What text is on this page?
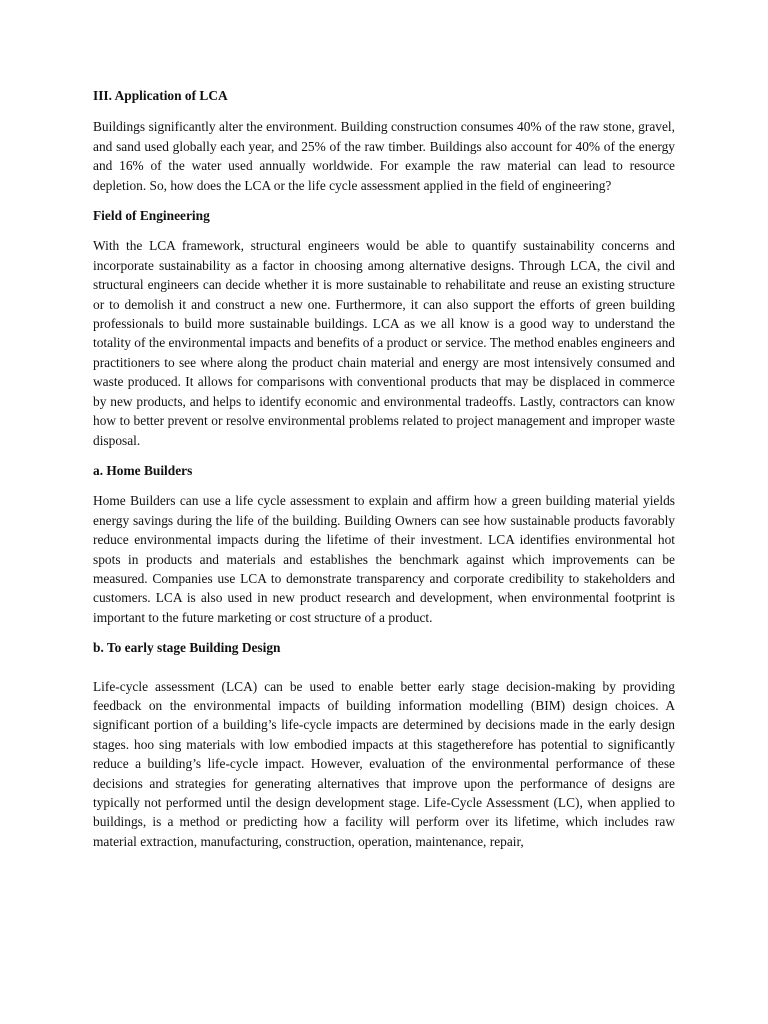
III. Application of LCA

Buildings significantly alter the environment. Building construction consumes 40% of the raw stone, gravel, and sand used globally each year, and 25% of the raw timber. Buildings also account for 40% of the energy and 16% of the water used annually worldwide. For example the raw material can lead to resource depletion. So, how does the LCA or the life cycle assessment applied in the field of engineering?

Field of Engineering

With the LCA framework, structural engineers would be able to quantify sustainability concerns and incorporate sustainability as a factor in choosing among alternative designs. Through LCA, the civil and structural engineers can decide whether it is more sustainable to rehabilitate and reuse an existing structure or to demolish it and construct a new one. Furthermore, it can also support the efforts of green building professionals to build more sustainable buildings. LCA as we all know is a good way to understand the totality of the environmental impacts and benefits of a product or service. The method enables engineers and practitioners to see where along the product chain material and energy are most intensively consumed and waste produced. It allows for comparisons with conventional products that may be displaced in commerce by new products, and helps to identify economic and environmental tradeoffs. Lastly, contractors can know how to better prevent or resolve environmental problems related to project management and improper waste disposal.

a. Home Builders

Home Builders can use a life cycle assessment to explain and affirm how a green building material yields energy savings during the life of the building. Building Owners can see how sustainable products favorably reduce environmental impacts during the lifetime of their investment. LCA identifies environmental hot spots in products and materials and establishes the benchmark against which improvements can be measured. Companies use LCA to demonstrate transparency and corporate credibility to stakeholders and customers. LCA is also used in new product research and development, when environmental footprint is important to the future marketing or cost structure of a product.

b. To early stage Building Design

Life-cycle assessment (LCA) can be used to enable better early stage decision-making by providing feedback on the environmental impacts of building information modelling (BIM) design choices. A significant portion of a building’s life-cycle impacts are determined by decisions made in the early design stages. hoo sing materials with low embodied impacts at this stagetherefore has potential to significantly reduce a building’s life-cycle impact. However, evaluation of the environmental performance of these decisions and strategies for generating alternatives that improve upon the performance of designs are typically not performed until the design development stage. Life-Cycle Assessment (LC), when applied to buildings, is a method or predicting how a facility will perform over its lifetime, which includes raw material extraction, manufacturing, construction, operation, maintenance, repair,
